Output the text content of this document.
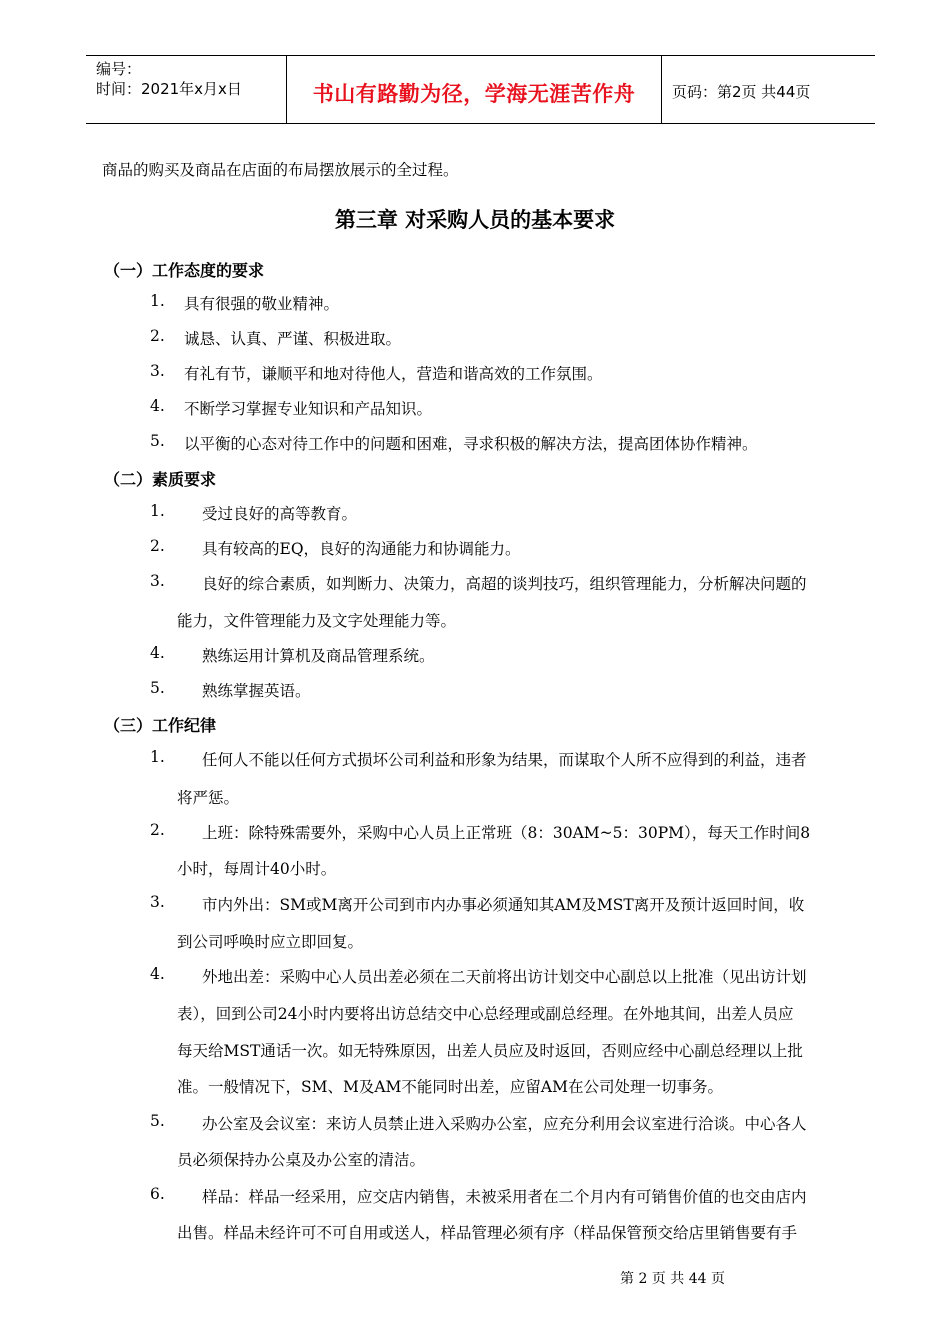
编号：
时间：2021年x月x日	书山有路勤为径，学海无涯苦作舟	页码：第2页 共44页
商品的购买及商品在店面的布局摆放展示的全过程。
第三章 对采购人员的基本要求
（一）工作态度的要求
1. 具有很强的敬业精神。
2. 诚恳、认真、严谨、积极进取。
3. 有礼有节，谦顺平和地对待他人，营造和谐高效的工作氛围。
4. 不断学习掌握专业知识和产品知识。
5. 以平衡的心态对待工作中的问题和困难，寻求积极的解决方法，提高团体协作精神。
（二）素质要求
1. 受过良好的高等教育。
2. 具有较高的EQ，良好的沟通能力和协调能力。
3. 良好的综合素质，如判断力、决策力，高超的谈判技巧，组织管理能力，分析解决问题的
能力，文件管理能力及文字处理能力等。
4. 熟练运用计算机及商品管理系统。
5. 熟练掌握英语。
（三）工作纪律
1. 任何人不能以任何方式损坏公司利益和形象为结果，而谋取个人所不应得到的利益，违者
将严惩。
2. 上班：除特殊需要外，采购中心人员上正常班（8：30AM~5：30PM），每天工作时间8
小时，每周计40小时。
3. 市内外出：SM或M离开公司到市内办事必须通知其AM及MST离开及预计返回时间，收
到公司呼唤时应立即回复。
4. 外地出差：采购中心人员出差必须在二天前将出访计划交中心副总以上批准（见出访计划
表），回到公司24小时内要将出访总结交中心总经理或副总经理。在外地其间，出差人员应
每天给MST通话一次。如无特殊原因，出差人员应及时返回，否则应经中心副总经理以上批
准。一般情况下，SM、M及AM不能同时出差，应留AM在公司处理一切事务。
5. 办公室及会议室：来访人员禁止进入采购办公室，应充分利用会议室进行洽谈。中心各人
员必须保持办公桌及办公室的清洁。
6. 样品：样品一经采用，应交店内销售，未被采用者在二个月内有可销售价值的也交由店内
出售。样品未经许可不可自用或送人，样品管理必须有序（样品保管预交给店里销售要有手
第 2 页 共 44 页
